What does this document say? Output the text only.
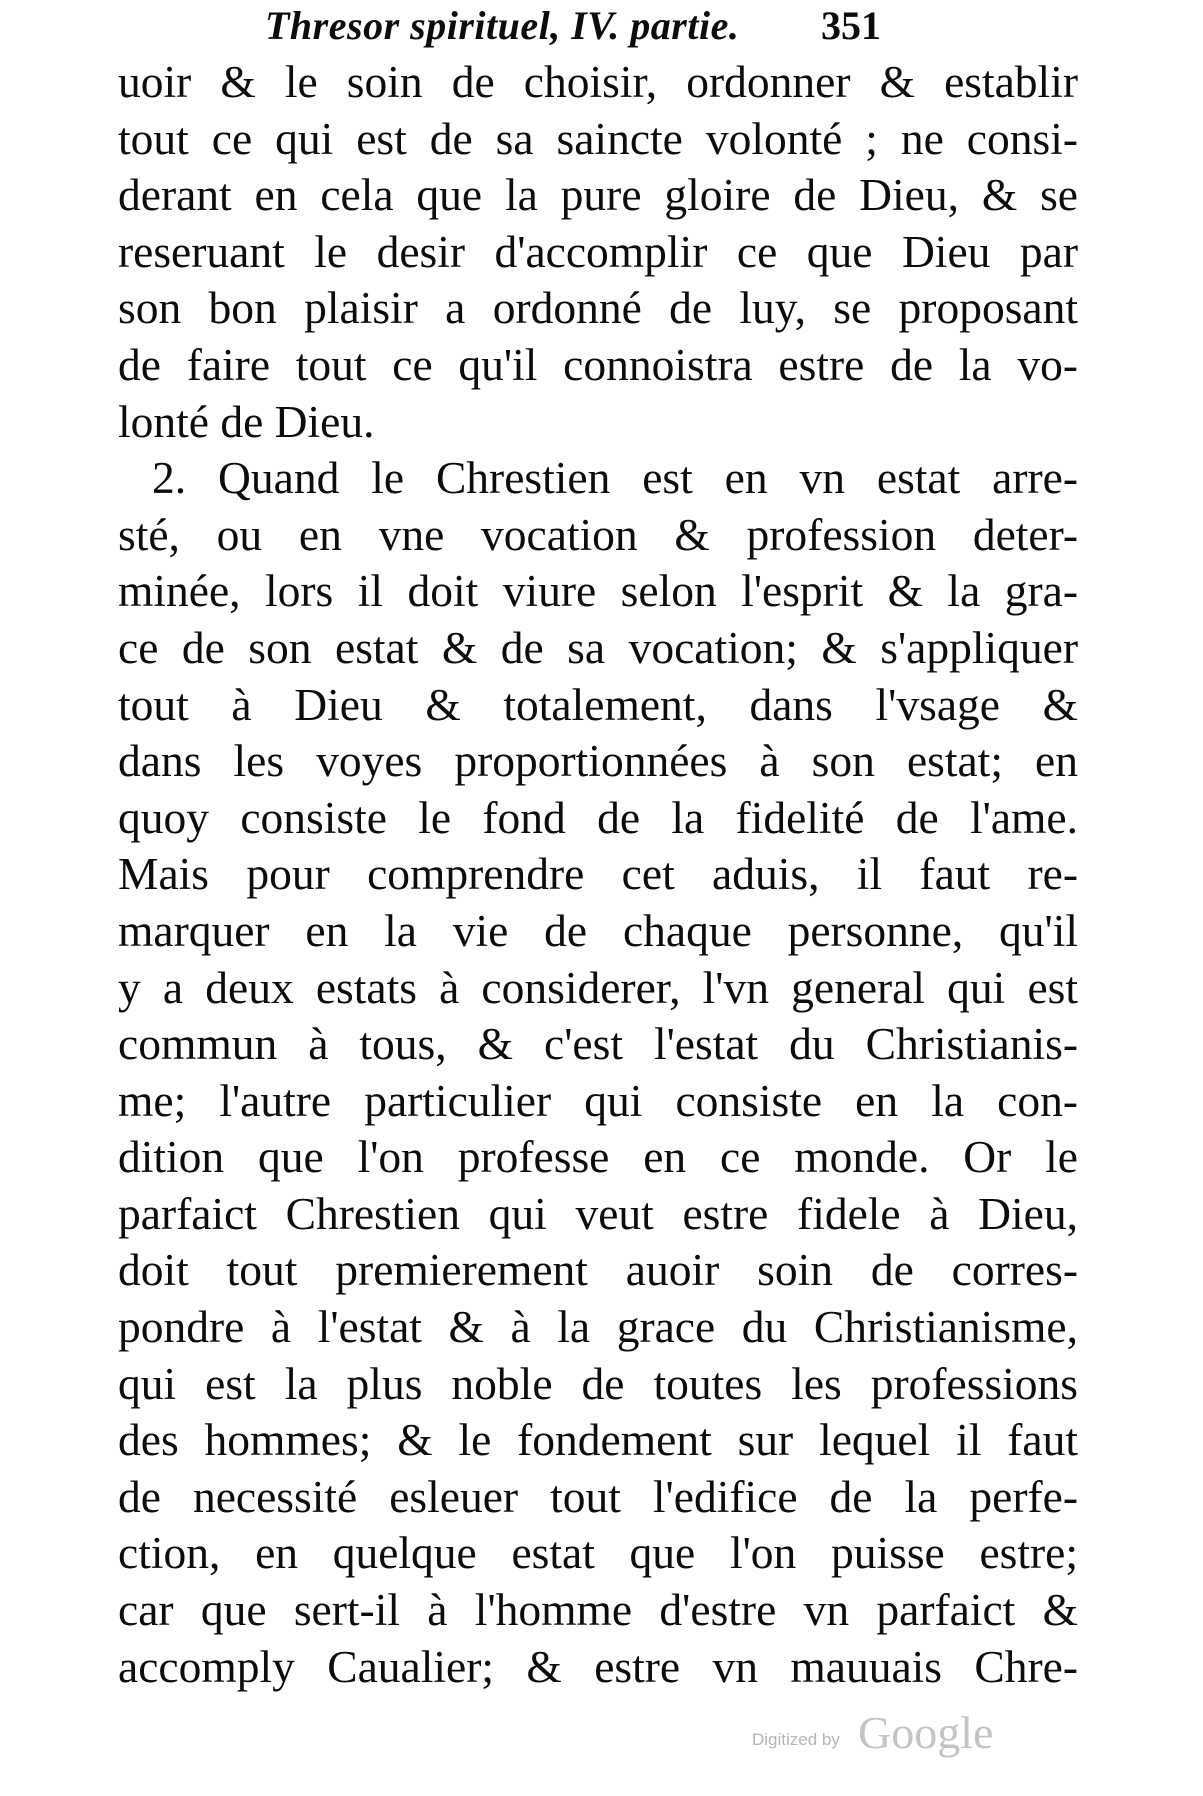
Thresor spirituel, IV. partie. 351
uoir & le soin de choisir, ordonner & establir
tout ce qui est de sa saincte volonté ; ne consi-
derant en cela que la pure gloire de Dieu, & se
reseruant le desir d'accomplir ce que Dieu par
son bon plaisir a ordonné de luy, se proposant
de faire tout ce qu'il connoistra estre de la vo-
lonté de Dieu.
2. Quand le Chrestien est en vn estat arre-
sté, ou en vne vocation & profession deter-
minée, lors il doit viure selon l'esprit & la gra-
ce de son estat & de sa vocation; & s'appliquer
tout à Dieu & totalement, dans l'vsage &
dans les voyes proportionnées à son estat; en
quoy consiste le fond de la fidelité de l'ame.
Mais pour comprendre cet aduis, il faut re-
marquer en la vie de chaque personne, qu'il
y a deux estats à considerer, l'vn general qui est
commun à tous, & c'est l'estat du Christianis-
me; l'autre particulier qui consiste en la con-
dition que l'on professe en ce monde. Or le
parfaict Chrestien qui veut estre fidele à Dieu,
doit tout premierement auoir soin de corres-
pondre à l'estat & à la grace du Christianisme,
qui est la plus noble de toutes les professions
des hommes; & le fondement sur lequel il faut
de necessité esleuer tout l'edifice de la perfe-
ction, en quelque estat que l'on puisse estre;
car que sert-il à l'homme d'estre vn parfaict &
accomply Caualier; & estre vn mauuais Chre-
Digitized by Google
